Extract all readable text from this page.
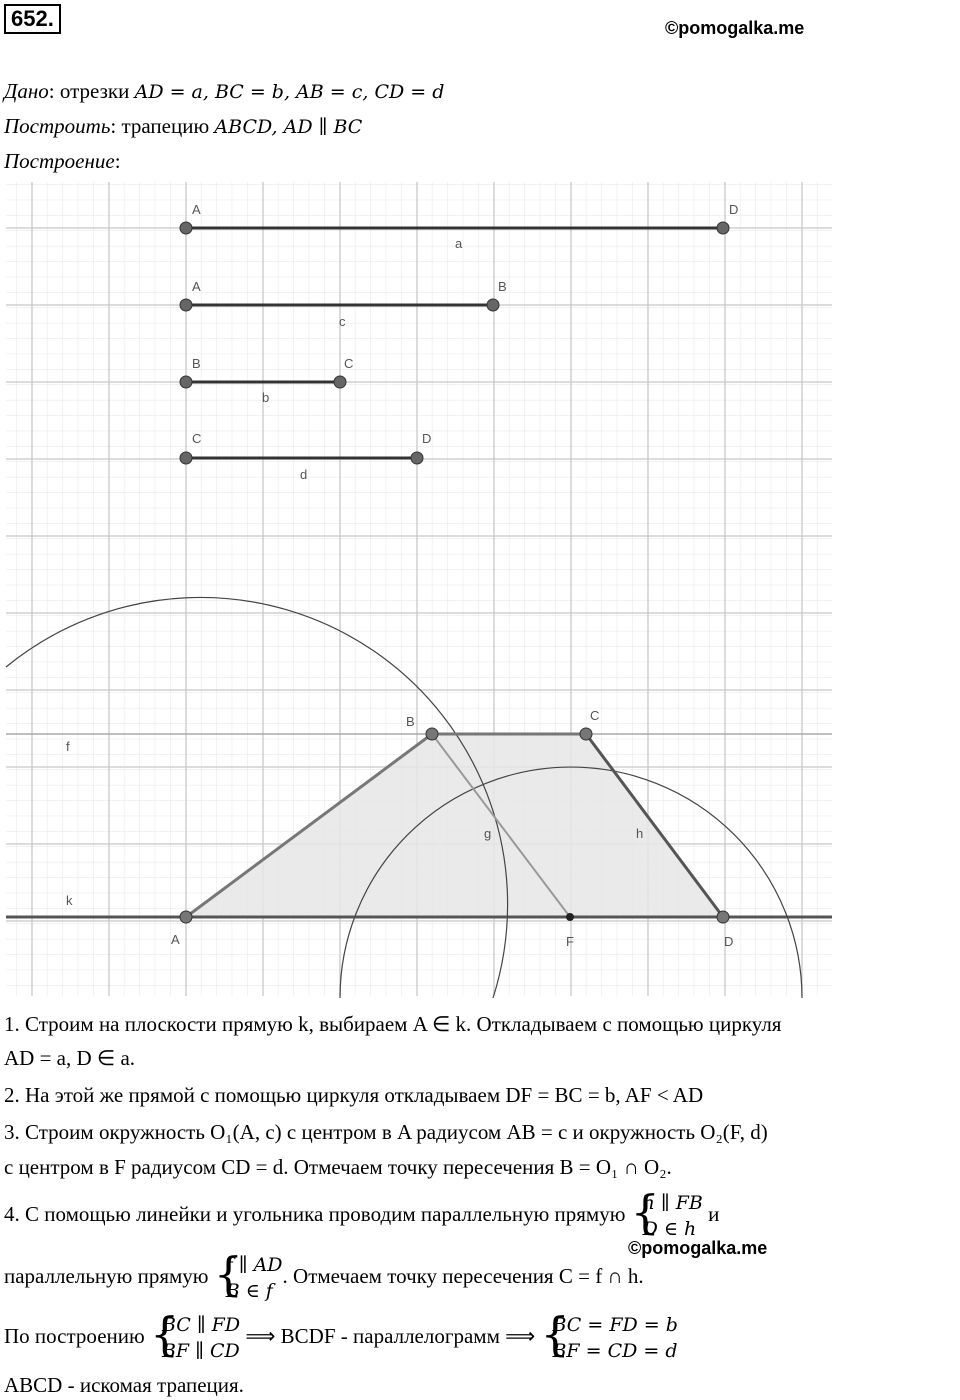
652.	©pomogalka.me
Дано: отрезки AD = a, BC = b, AB = c, CD = d
Построить: трапецию ABCD, AD ∥ BC
Построение:
A	D
a
A	B
c
B	C
b
C	D
d
A
B	C
D
F
f
k
g	h
1. Строим на плоскости прямую k, выбираем A ∈ k. Откладываем с помощью циркуля
AD = a, D ∈ a.
2. На этой же прямой с помощью циркуля откладываем DF = BC = b, AF < AD
3. Строим окружность O₁(A, c) с центром в A радиусом AB = c и окружность O₂(F, d)
с центром в F радиусом CD = d. Отмечаем точку пересечения B = O₁ ∩ O₂.
4. С помощью линейки и угольника проводим параллельную прямую { h ∥ FB
D ∈ h
и
©pomogalka.me
параллельную прямую { f ∥ AD
B ∈ f
. Отмечаем точку пересечения C = f ∩ h.
По построению { BC ∥ FD
BF ∥ CD
⟹ BCDF - параллелограмм ⟹ { BC = FD = b
BF = CD = d
ABCD - искомая трапеция.
